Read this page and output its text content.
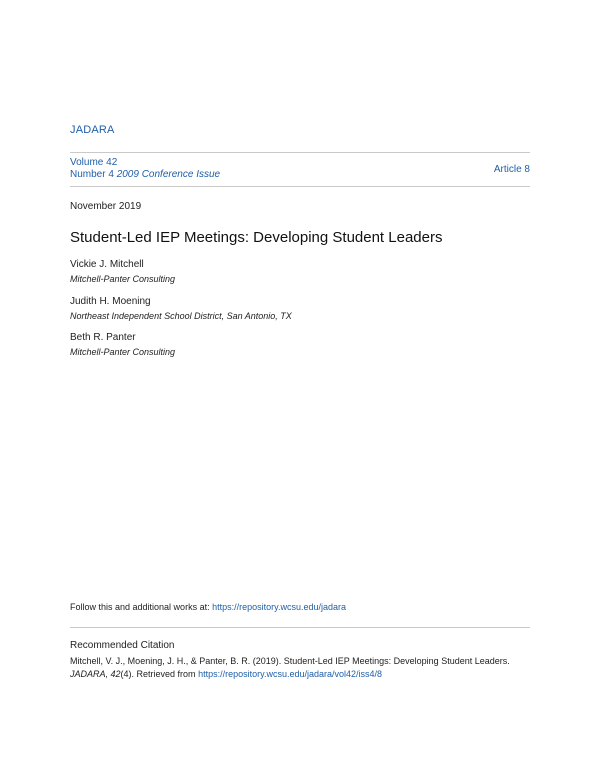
JADARA
Volume 42
Number 4 2009 Conference Issue	Article 8
November 2019
Student-Led IEP Meetings: Developing Student Leaders
Vickie J. Mitchell
Mitchell-Panter Consulting
Judith H. Moening
Northeast Independent School District, San Antonio, TX
Beth R. Panter
Mitchell-Panter Consulting
Follow this and additional works at: https://repository.wcsu.edu/jadara
Recommended Citation
Mitchell, V. J., Moening, J. H., & Panter, B. R. (2019). Student-Led IEP Meetings: Developing Student Leaders. JADARA, 42(4). Retrieved from https://repository.wcsu.edu/jadara/vol42/iss4/8
